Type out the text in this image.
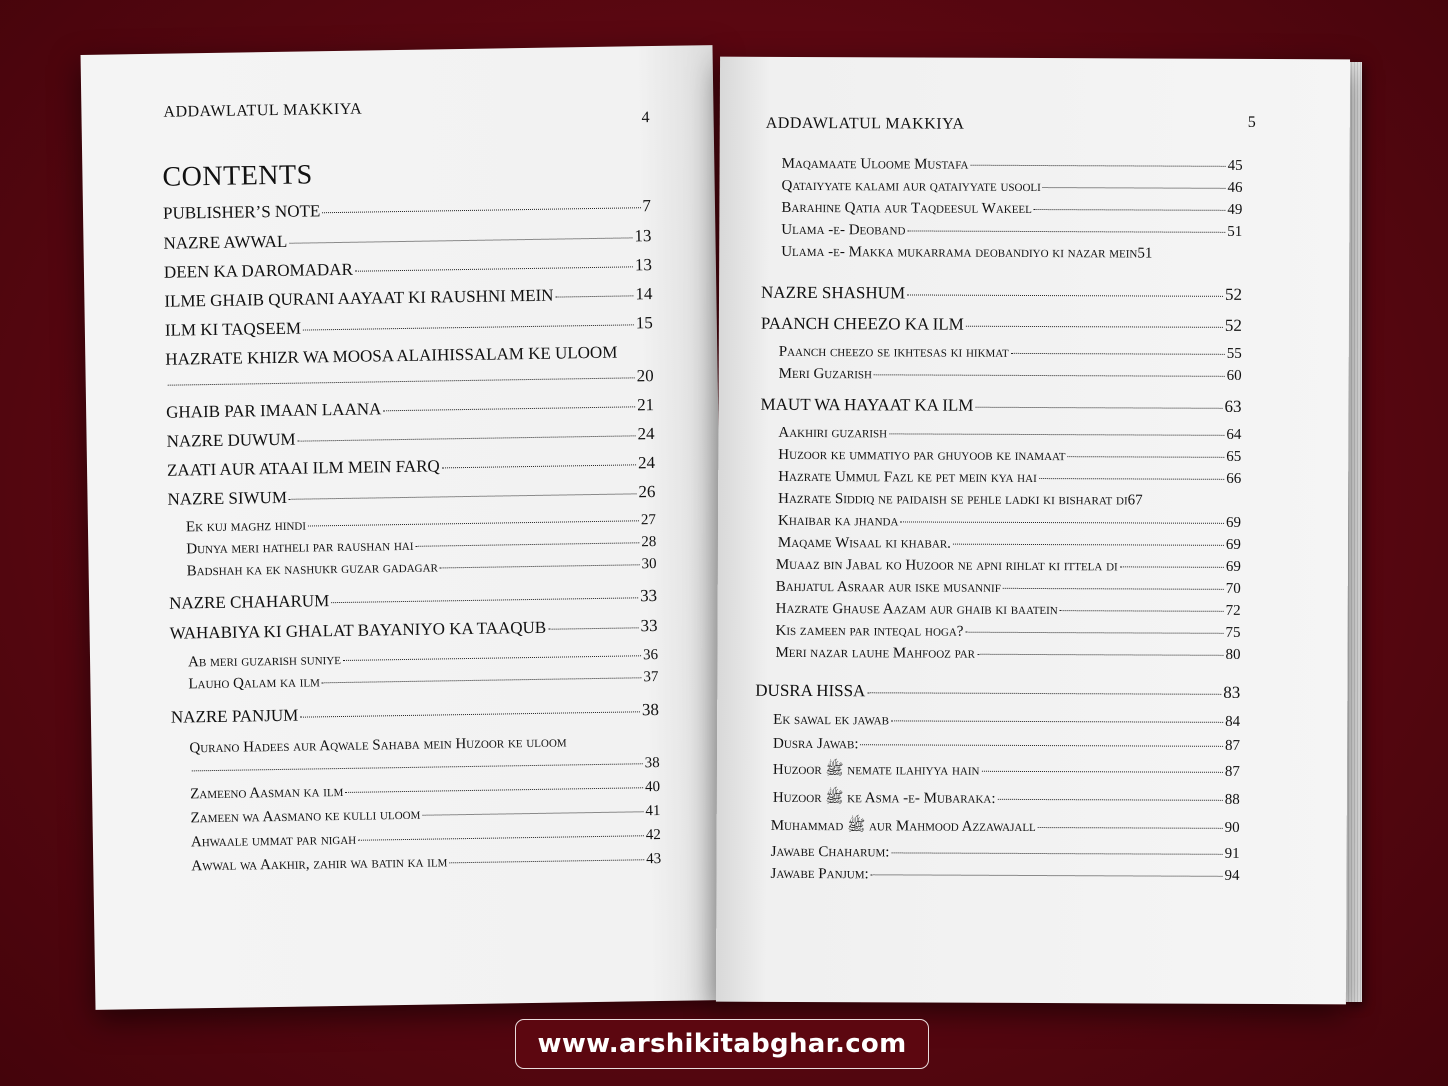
ADDAWLATUL MAKKIYA	4
CONTENTS
PUBLISHER’S NOTE	7
NAZRE AWWAL	13
DEEN KA DAROMADAR	13
ILME GHAIB QURANI AAYAAT KI RAUSHNI MEIN	14
ILM KI TAQSEEM	15
HAZRATE KHIZR WA MOOSA ALAIHISSALAM KE ULOOM
20
GHAIB PAR IMAAN LAANA	21
NAZRE DUWUM	24
ZAATI AUR ATAAI ILM MEIN FARQ	24
NAZRE SIWUM	26
Ek kuj maghz hindi	27
Dunya meri hatheli par raushan hai	28
Badshah ka ek nashukr guzar gadagar	30
NAZRE CHAHARUM	33
WAHABIYA KI GHALAT BAYANIYO KA TAAQUB	33
Ab meri guzarish suniye	36
Lauho Qalam ka ilm	37
NAZRE PANJUM	38
Qurano Hadees aur Aqwale Sahaba mein Huzoor ke uloom
38
Zameeno Aasman ka ilm	40
Zameen wa Aasmano ke kulli uloom	41
Ahwaale ummat par nigah	42
Awwal wa Aakhir, zahir wa batin ka ilm	43
ADDAWLATUL MAKKIYA	5
Maqamaate Uloome Mustafa	45
Qataiyyate kalami aur qataiyyate usooli	46
Barahine Qatia aur Taqdeesul Wakeel	49
Ulama -e- Deoband	51
Ulama -e- Makka mukarrama deobandiyo ki nazar mein 51
NAZRE SHASHUM	52
PAANCH CHEEZO KA ILM	52
Paanch cheezo se ikhtesas ki hikmat	55
Meri Guzarish	60
MAUT WA HAYAAT KA ILM	63
Aakhiri guzarish	64
Huzoor ke ummatiyo par ghuyoob ke inamaat	65
Hazrate Ummul Fazl ke pet mein kya hai	66
Hazrate Siddiq ne paidaish se pehle ladki ki bisharat di 67
Khaibar ka jhanda	69
Maqame Wisaal ki khabar.	69
Muaaz bin Jabal ko Huzoor ne apni rihlat ki ittela di	69
Bahjatul Asraar aur iske musannif	70
Hazrate Ghause Aazam aur ghaib ki baatein	72
Kis zameen par inteqal hoga?	75
Meri nazar lauhe Mahfooz par	80
DUSRA HISSA	83
Ek sawal ek jawab	84
Dusra Jawab:	87
Huzoor ﷺ nemate ilahiyya hain	87
Huzoor ﷺ ke Asma -e- Mubaraka:	88
Muhammad ﷺ aur Mahmood Azzawajall	90
Jawabe Chaharum:	91
Jawabe Panjum:	94
www.arshikitabghar.com
